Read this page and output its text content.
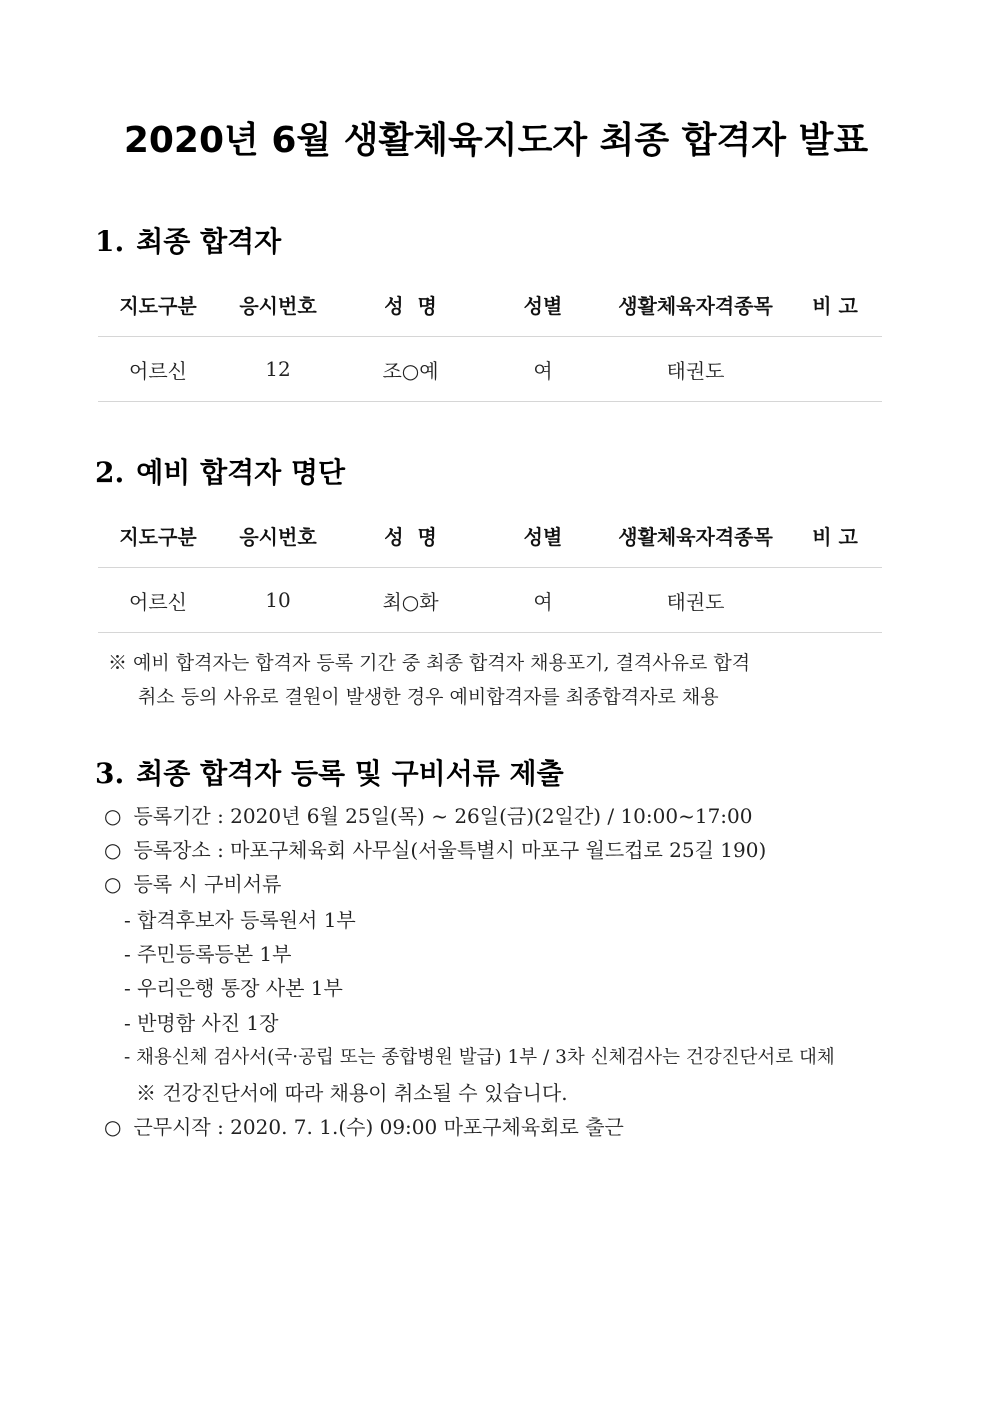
2020년 6월 생활체육지도자 최종 합격자 발표
1. 최종 합격자
지도구분	응시번호	성  명	성별	생활체육자격종목	비 고
어르신	12	조○예	여	태권도	
2. 예비 합격자 명단
지도구분	응시번호	성  명	성별	생활체육자격종목	비 고
어르신	10	최○화	여	태권도	
※ 예비 합격자는 합격자 등록 기간 중 최종 합격자 채용포기, 결격사유로 합격
취소 등의 사유로 결원이 발생한 경우 예비합격자를 최종합격자로 채용
3. 최종 합격자 등록 및 구비서류 제출
○ 등록기간 : 2020년 6월 25일(목) ~ 26일(금)(2일간) / 10:00~17:00
○ 등록장소 : 마포구체육회 사무실(서울특별시 마포구 월드컵로 25길 190)
○ 등록 시 구비서류
- 합격후보자 등록원서 1부
- 주민등록등본 1부
- 우리은행 통장 사본 1부
- 반명함 사진 1장
- 채용신체 검사서(국·공립 또는 종합병원 발급) 1부 / 3차 신체검사는 건강진단서로 대체
※ 건강진단서에 따라 채용이 취소될 수 있습니다.
○ 근무시작 : 2020. 7. 1.(수) 09:00 마포구체육회로 출근
